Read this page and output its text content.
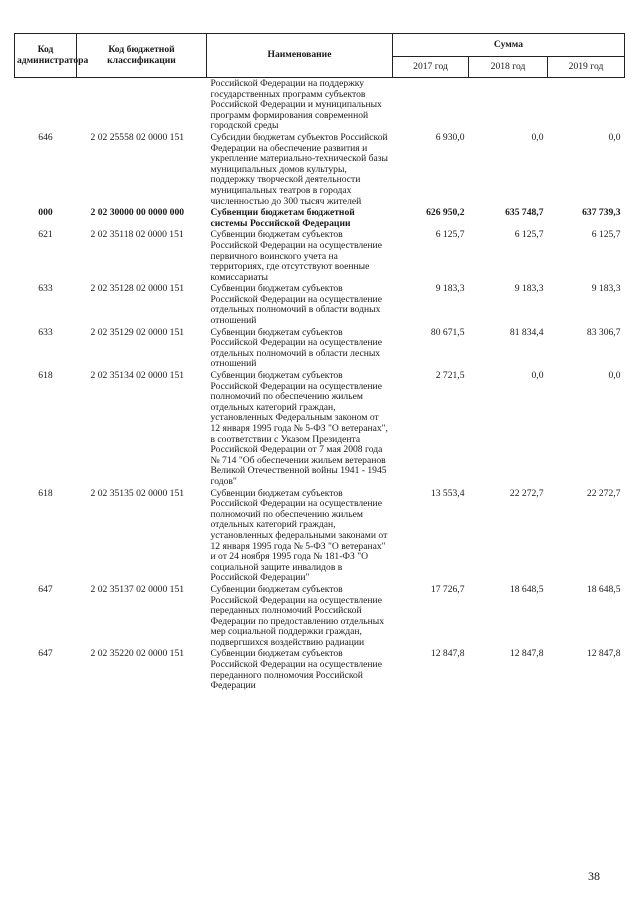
Код администратора	Код бюджетной классификации	Наименование	Сумма		
			2017 год	2018 год	2019 год
		Российской Федерации на поддержку государственных программ субъектов Российской Федерации и муниципальных программ формирования современной городской среды			
646	2 02 25558 02 0000 151	Субсидии бюджетам субъектов Российской Федерации на обеспечение развития и укрепление материально-технической базы муниципальных домов культуры, поддержку творческой деятельности муниципальных театров в городах численностью до 300 тысяч жителей	6 930,0	0,0	0,0
000	2 02 30000 00 0000 000	Субвенции бюджетам бюджетной системы Российской Федерации	626 950,2	635 748,7	637 739,3
621	2 02 35118 02 0000 151	Субвенции бюджетам субъектов Российской Федерации на осуществление первичного воинского учета на территориях, где отсутствуют военные комиссариаты	6 125,7	6 125,7	6 125,7
633	2 02 35128 02 0000 151	Субвенции бюджетам субъектов Российской Федерации на осуществление отдельных полномочий в области водных отношений	9 183,3	9 183,3	9 183,3
633	2 02 35129 02 0000 151	Субвенции бюджетам субъектов Российской Федерации на осуществление отдельных полномочий в области лесных отношений	80 671,5	81 834,4	83 306,7
618	2 02 35134 02 0000 151	Субвенции бюджетам субъектов Российской Федерации на осуществление полномочий по обеспечению жильем отдельных категорий граждан, установленных Федеральным законом от 12 января 1995 года № 5-ФЗ "О ветеранах", в соответствии с Указом Президента Российской Федерации от 7 мая 2008 года № 714 "Об обеспечении жильем ветеранов Великой Отечественной войны 1941 - 1945 годов"	2 721,5	0,0	0,0
618	2 02 35135 02 0000 151	Субвенции бюджетам субъектов Российской Федерации на осуществление полномочий по обеспечению жильем отдельных категорий граждан, установленных федеральными законами от 12 января 1995 года № 5-ФЗ "О ветеранах" и от 24 ноября 1995 года № 181-ФЗ "О социальной защите инвалидов в Российской Федерации"	13 553,4	22 272,7	22 272,7
647	2 02 35137 02 0000 151	Субвенции бюджетам субъектов Российской Федерации на осуществление переданных полномочий Российской Федерации по предоставлению отдельных мер социальной поддержки граждан, подвергшихся воздействию радиации	17 726,7	18 648,5	18 648,5
647	2 02 35220 02 0000 151	Субвенции бюджетам субъектов Российской Федерации на осуществление переданного полномочия Российской Федерации	12 847,8	12 847,8	12 847,8
38
